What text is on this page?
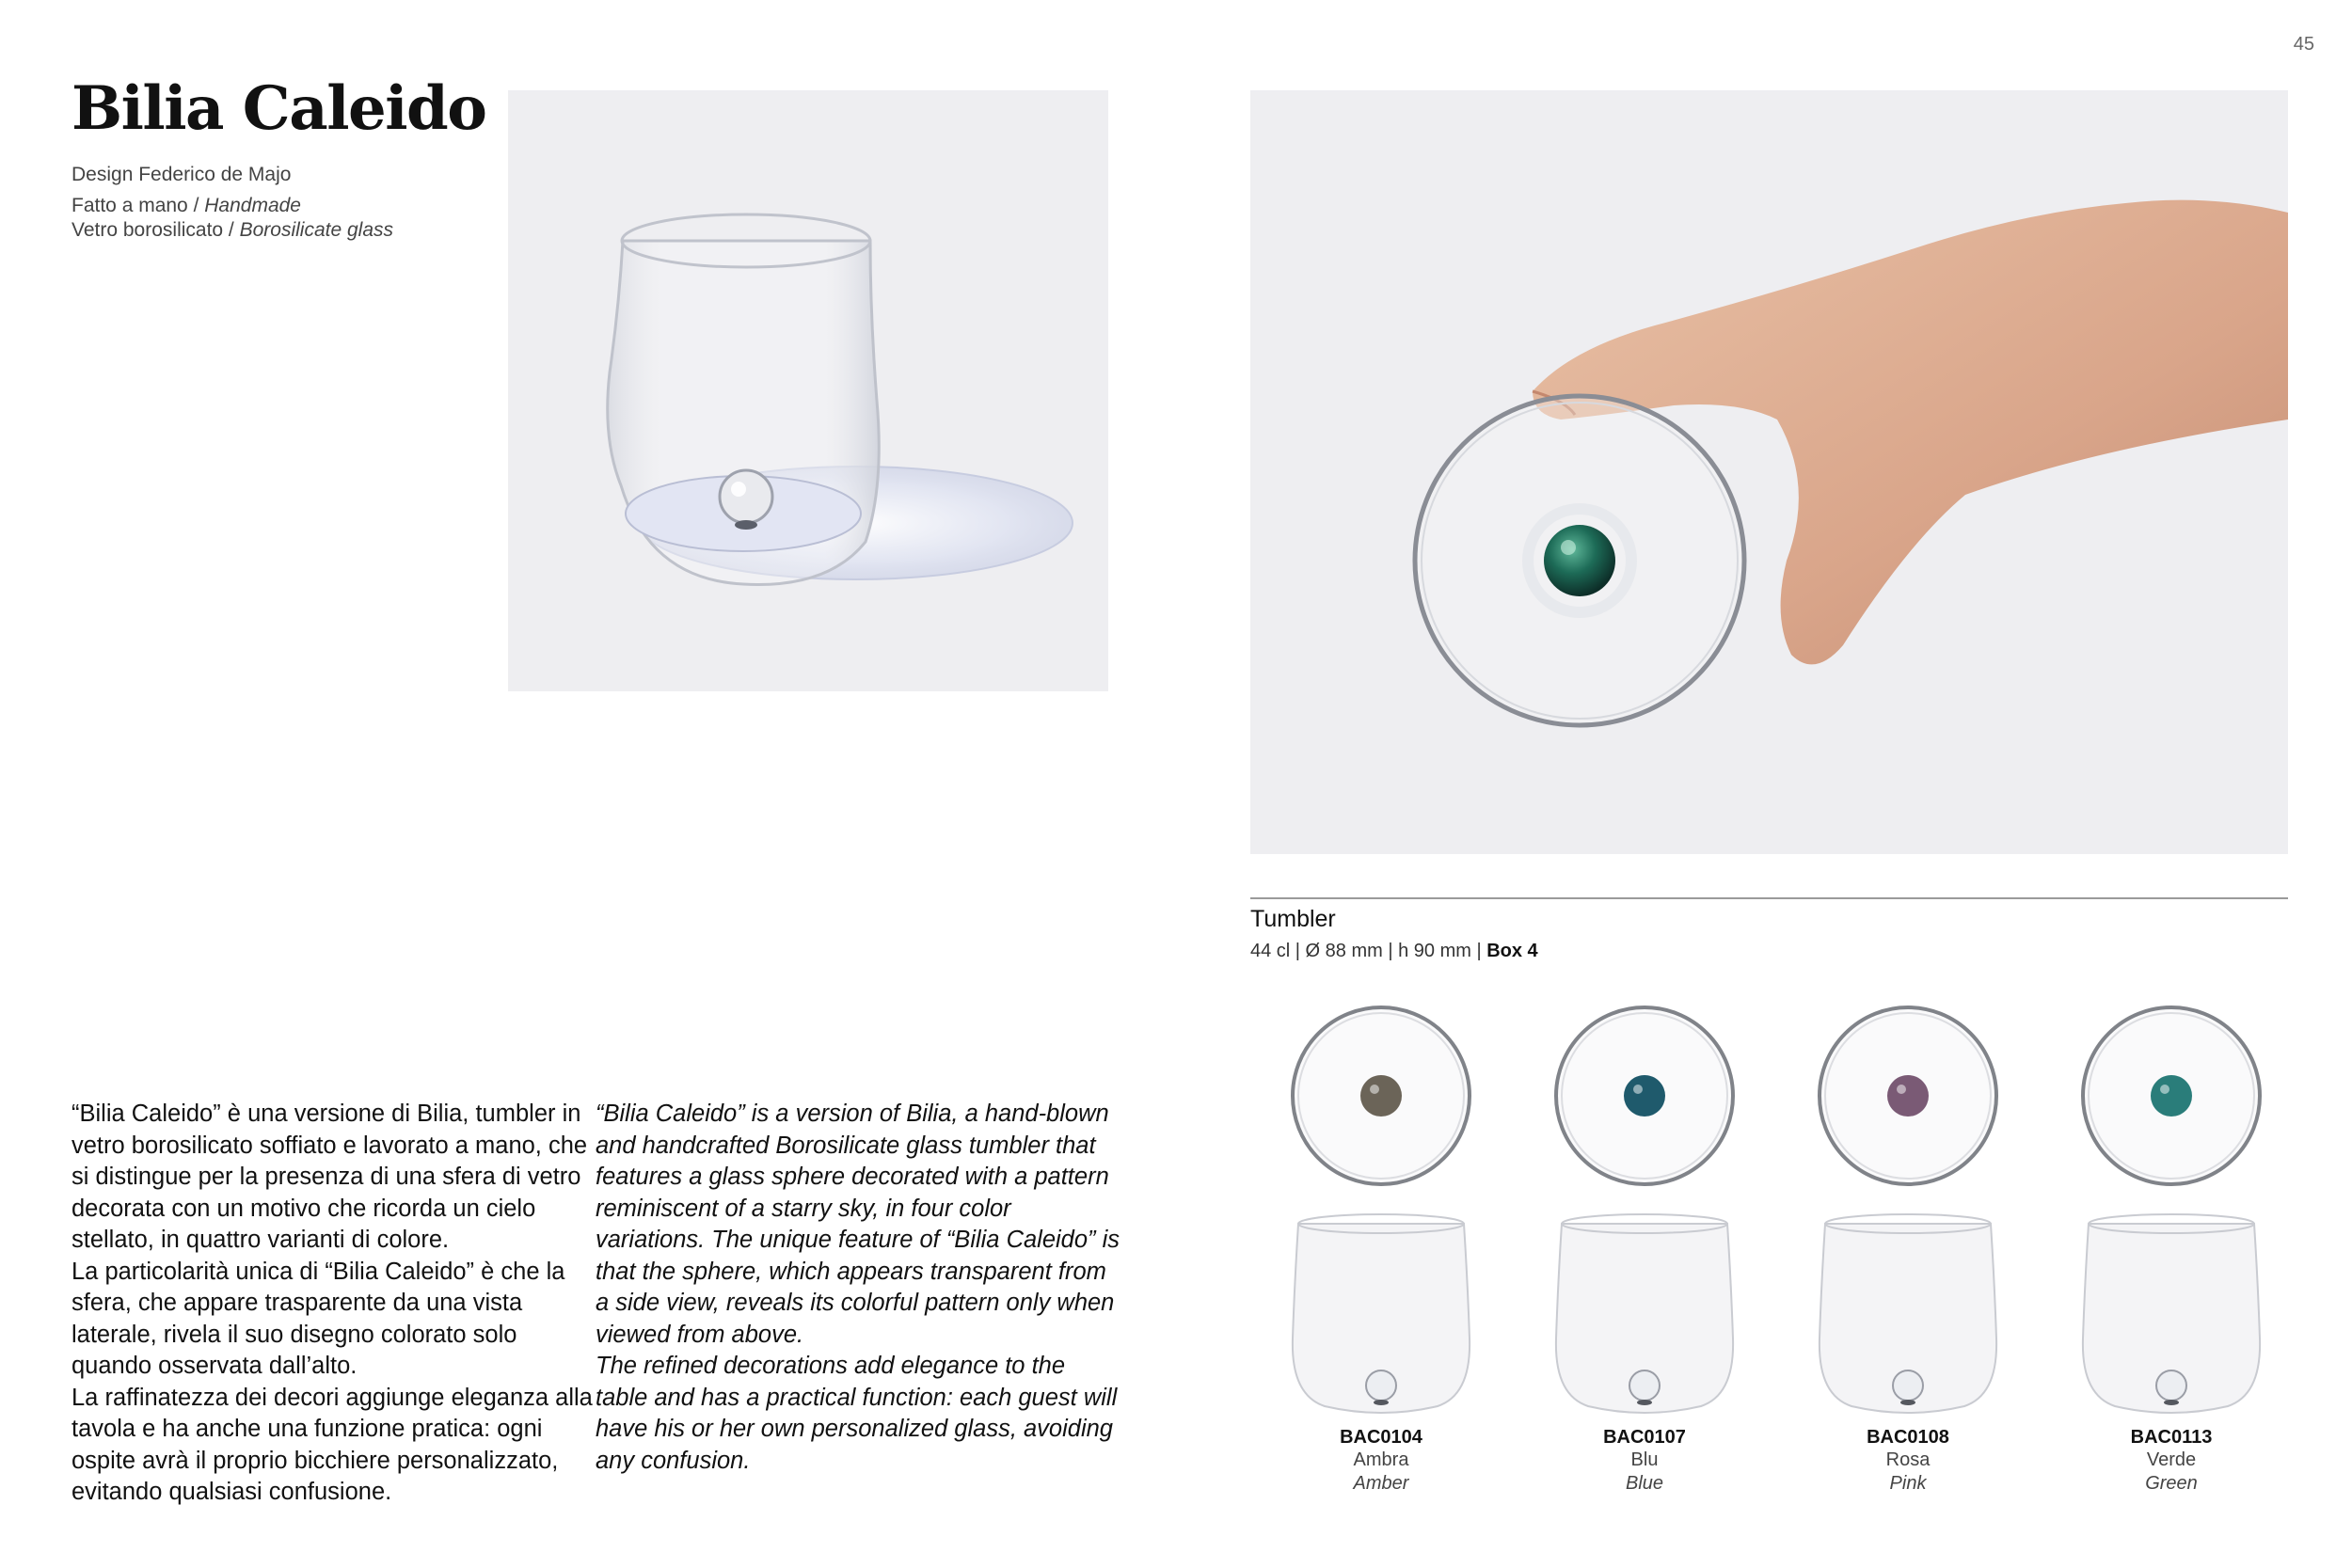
45
Bilia Caleido
Design Federico de Majo
Fatto a mano / Handmade
Vetro borosilicato / Borosilicate glass

“Bilia Caleido” è una versione di Bilia, tumbler in vetro borosilicato soffiato e lavorato a mano, che si distingue per la presenza di una sfera di vetro decorata con un motivo che ricorda un cielo stellato, in quattro varianti di colore.

La particolarità unica di “Bilia Caleido” è che la sfera, che appare trasparente da una vista laterale, rivela il suo disegno colorato solo quando osservata dall’alto.

La raffinatezza dei decori aggiunge eleganza alla tavola e ha anche una funzione pratica: ogni ospite avrà il proprio bicchiere personalizzato, evitando qualsiasi confusione.

“Bilia Caleido” is a version of Bilia, a hand-blown and handcrafted Borosilicate glass tumbler that features a glass sphere decorated with a pattern reminiscent of a starry sky, in four color variations. The unique feature of “Bilia Caleido” is that the sphere, which appears transparent from a side view, reveals its colorful pattern only when viewed from above.

The refined decorations add elegance to the table and has a practical function: each guest will have his or her own personalized glass, avoiding any confusion.

Tumbler
44 cl | Ø 88 mm | h 90 mm | Box 4
BAC0104
Ambra
Amber
BAC0107
Blu
Blue
BAC0108
Rosa
Pink
BAC0113
Verde
Green
